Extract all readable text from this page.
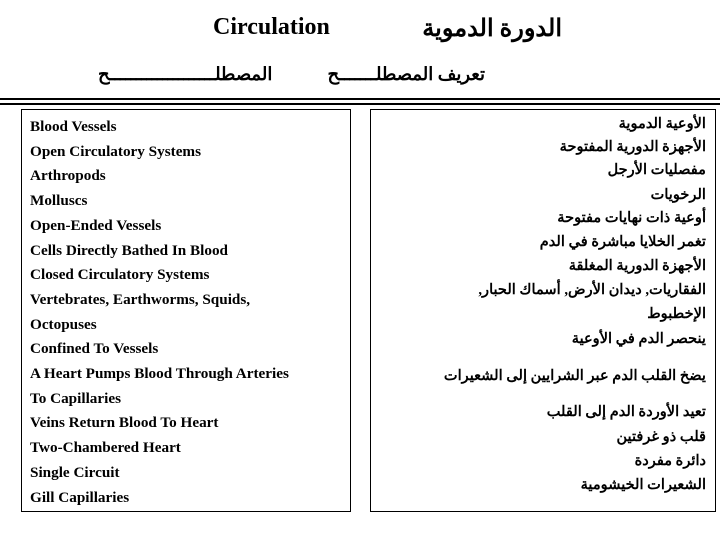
Circulation	الدورة الدموية
المصطلــــــــــــــــــــح	تعريف المصطلـــــــح
Blood Vessels
Open Circulatory Systems
Arthropods
Molluscs
Open-Ended Vessels
Cells Directly Bathed In Blood
Closed Circulatory Systems
Vertebrates, Earthworms, Squids,
Octopuses
Confined To Vessels
A Heart Pumps Blood Through Arteries
To Capillaries
Veins Return Blood To Heart
Two-Chambered Heart
Single Circuit
Gill Capillaries
الأوعية الدموية
الأجهزة الدورية المفتوحة
مفصليات الأرجل
الرخويات
أوعية ذات نهايات مفتوحة
تغمر الخلايا مباشرة في الدم
الأجهزة الدورية المغلقة
الفقاريات, ديدان الأرض, أسماك الحبار,
الإخطبوط
ينحصر الدم في الأوعية
يضخ القلب الدم عبر الشرايين إلى الشعيرات
تعيد الأوردة الدم إلى القلب
قلب ذو غرفتين
دائرة مفردة
الشعيرات الخيشومية
